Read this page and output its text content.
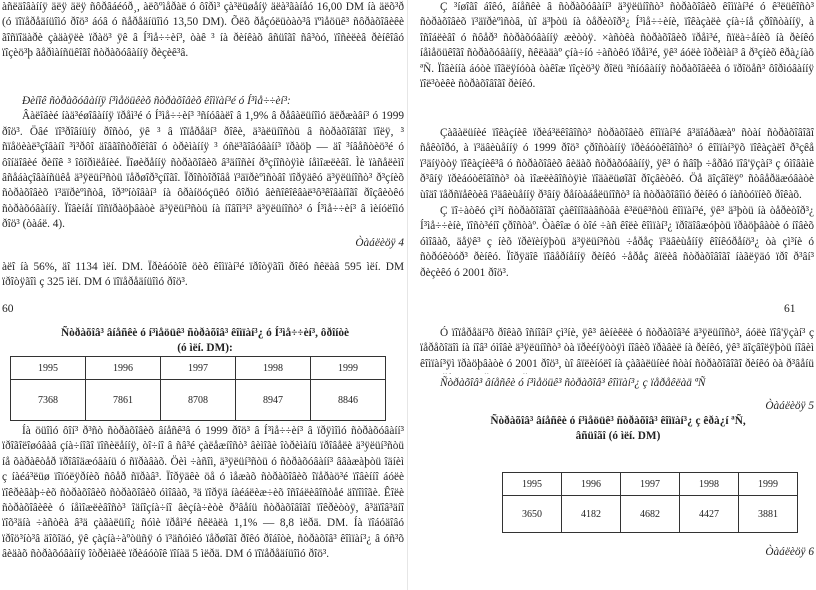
àñëäîâàííÿ äëÿ äëÿ ñôðâáéóð¸, àëõºìåðàë ó ôîðì³ çà³ëüøåíÿ äëà³ãàíåó 16,00 DM íà äëõ³ð (ó ïîïåðåäíüîìó ðîö³ áóâ ó ñåðåäíüîìó 13,50 DM). Õëõ ðåçóëüòàò³â ïºìåöüê³ ñôðàõîâèêè ãîñïîäàðè çàäàÿëè ïðàö³ ÿê â Í³ìå÷÷èí³, òàê ³ íà ðèíêàõ âñüîãî ñâ³òó, ïîñèëèâ ðèíêîâó ïîçèö³þ ãåðìàíñüêîãî ñòðàõóâàííÿ ðèçèê³â.

Ðèíîê ñòðàõóâàííÿ í³ìåöüêèõ ñòðàõîâèõ êîìïàí³é ó Í³ìå÷÷èí³:

Âàëîâèé íàä³éøîâàííÿ ïðåì³é ó Í³ìå÷÷èí³ ³ñíóâàëî â 1,9% â ðåâàëüíîìó äëðæàâí³ ó 1999 ðîö³. Öâé ïî³ðîâíüíÿ ðîñòó, ÿê ³ â ïîïåðåäí³ ðîêè, ä³àëüíîñòü â ñòðàõîâîãî ïîëÿ, ³ ñïåöèàë³çîâàíî ³ì³ðôî äîâãîñòðîêîâî ó òðèìàííÿ ³ óñë³ãîâóâàíí³ ïðàöþ — äî ³íâåñòèö³é ó ôîíäîâèé ðèíîê ³ îôîðìëåíèé. Ïîøèðåííÿ ñòðàõîâèõ â³äíîñèí ð³çíîñòÿìè íåìîæëèâî. Ìè ïàñåëèìî âñåáàçîâàíñüêå ä³ÿëüí³ñòü ïåðøîð³çíîãî. Ïðîñòîðîâå ï³äïðèºìñòâî ïîðÿäêó ä³ÿëüíîñò³ ð³çíèõ ñòðàõîâèõ ï³äïðèºìñòâ, îð³ºíòîâàí³ íà ôðàíöóçüêó ôîðìó âèñîêîêâàë³ô³êîâàíîãî ðîçâèòêó ñòðàõóâàííÿ. Ïîâèíåí ïîñïðàöþâàòè ä³ÿëüí³ñòü íà íîâîì³í³ ä³ÿëüíîñò³ ó Í³ìå÷÷èí³ â ìèíóëîìó ðîö³ (òàáë. 4).

Òàáëèöÿ 4

àëî íà 56%, äî 1134 ìëí. DM. Ïðèáóòîê öèõ êîìïàí³é ïðîòÿãîì ðîêó ñêëàâ 595 ìëí. DM ïðîòÿãîì ç 325 ìëí. DM ó ïîïåðåäíüîìó ðîö³.

60

Ñòðàõîâ³ âíåñêè ó í³ìåöüê³ ñòðàõîâ³ êîìïàí³¿ ó Í³ìå÷÷èí³, ôðîíòè (ó ìëí. DM):

1995	1996	1997	1998	1999
7368	7861	8708	8947	8846

Íà öüîìó ôîí³ ð³ñò ñòðàõîâèõ âíåñê³â ó 1999 ðîö³ â Í³ìå÷÷èí³ â ïðÿìîìó ñòðàõóâàíí³ ïðîãîëîøóâàâ çíà÷íîãî ïîñèëåííÿ, òî÷íî â ñâ³é çàëåæíîñò³ âèìîãè îòðèìàíü ïðîâåëè ä³ÿëüí³ñòü íå õàðàêòåð ïðîâîäæóâàíü ó ñïðàâàõ. Öèì ÷àñîì, ä³ÿëüí³ñòü ó ñòðàõóâàíí³ ââàæàþòü îäíèì ç íàéá³ëüø ïîïóëÿðíèõ ñôåð ñïðàâ³. Ïîðÿäêè öå ó ìåæàõ ñòðàõîâèõ îïåðàö³é ïîâèííî áóëè ïîêðèâàþ÷èõ ñòðàõîâèõ ñòðàõîâèõ óìîâàõ, ³ä ïîðÿä íàéáëèæ÷èõ îñîáëèâîñòåé äîïîìîãè. Êîëè ñòðàõîâèêè ó íåìîæëèâîñò³ îäíîçíà÷íî âèçíà÷èòè ð³âåíü ñòðàõîâîãî ïîêðèòòÿ, â³äïîâ³äíî ïîõ³äíà ÷àñòêà â³ä çàãàëüíî¿ ñóìè ïðåì³é ñêëàëà 1,1% — 8,8 ìëðä. DM. Íà ïîáóäîâó ïðîö³íò³â äîõîäó, ÿê çàçíà÷àºòüñÿ ó ï³äñóìêó ïåðøîãî ðîêó ðîáîòè, ñòðàõîâ³ êîìïàí³¿ â óñ³õ âèäàõ ñòðàõóâàííÿ îòðèìàëè ïðèáóòîê ïîíàä 5 ìëðä. DM ó ïîïåðåäíüîìó ðîö³.

Ç ³íøîãî áîêó, âíåñêè â ñòðàõóâàíí³ ä³ÿëüíîñò³ ñòðàõîâèõ êîìïàí³é ó ê³ëüêîñò³ ñòðàõîâèõ ï³äïðèºìñòâ, ùî ä³þòü íà òåðèòîð³¿ Í³ìå÷÷èíè, ïîêàçàëè çíà÷íå çðîñòàííÿ, à îñîáëèâî ó ñôåð³ ñòðàõóâàííÿ æèòòÿ. ×àñòêà ñòðàõîâèõ ïðåì³é, ñïëà÷åíèõ íà ðèíêó íåìåöüêîãî ñòðàõóâàííÿ, ñêëàäàº çíà÷íó ÷àñòêó ïðåì³é, ÿê³ áóëè îòðèìàí³ â ð³çíèõ êðà¿íàõ ªÑ. Ïîâèííà áóòè ïîãëÿíóòà òàêîæ ïîçèö³ÿ ðîëü ³ñíóâàííÿ ñòðàõîâèêà ó ïðîöåñ³ ôîðìóâàííÿ ïîë³òèêè ñòðàõîâîãî ðèíêó.

Çàãàëüíèé ïîêàçíèê ïðèá³ëêîâîñò³ ñòðàõîâèõ êîìïàí³é â³äîáðàæàº ñòàí ñòðàõîâîãî ñåêòîðó, à ï³äâèùåííÿ ó 1999 ðîö³ çðîñòàííÿ ïðèáóòêîâîñò³ ó êîìïàí³ÿõ ïîêàçàëî ð³çêå ï³äíÿòòÿ ïîêàçíèê³â ó ñòðàõîâèõ âèäàõ ñòðàõóâàííÿ, ÿê³ ó ñâîþ ÷åðãó ïîâ'ÿçàí³ ç óìîâàìè ð³âíÿ ïðèáóòêîâîñò³ òà ìîæëèâîñòÿìè ïîäàëüøîãî ðîçâèòêó. Öå äîçâîëÿº ñòâåðäæóâàòè ùîäî ïåðñïåêòèâ ï³äâèùåííÿ ð³âíÿ ðåíòàáåëüíîñò³ íà ñòðàõîâîìó ðèíêó ó íàñòóïíèõ ðîêàõ.

Ç ïî÷àòêó çì³í ñòðàõîâîãî çàêîíîäàâñòâà ê³ëüê³ñòü êîìïàí³é, ÿê³ ä³þòü íà òåðèòîð³¿ Í³ìå÷÷èíè, ïîñò³éíî çðîñòàº. Òàêîæ ó òîé ÷àñ êîëè êîìïàí³¿ ïðîäîâæóþòü ïðàöþâàòè ó íîâèõ óìîâàõ, äåÿê³ ç íèõ ïðèïèíÿþòü ä³ÿëüí³ñòü ÷åðåç ï³äâèùåííÿ êîíêóðåíö³¿ òà çì³íè ó ñòðóêòóð³ ðèíêó. Ïîðÿäîê ïîâåðíåííÿ ðèíêó ÷åðåç âïëèâ ñòðàõîâîãî íàãëÿäó ïðî ð³âí³ ðèçèêó ó 2001 ðîö³.

61

Ó ïîïåðåäí³õ ðîêàõ îñíîâí³ çì³íè, ÿê³ âèíèêëè ó ñòðàõîâ³é ä³ÿëüíîñò³, áóëè ïîâ'ÿçàí³ ç ïåðåõîäîì íà íîâ³ óìîâè ä³ÿëüíîñò³ òà ïðèéíÿòòÿì íîâèõ ïðàâèë íà ðèíêó, ÿê³ äîçâîëÿþòü íîâèì êîìïàí³ÿì ïðàöþâàòè ó 2001 ðîö³, ùî âïëèíóëî íà çàãàëüíèé ñòàí ñòðàõîâîãî ðèíêó òà ð³âåíü

Ñòðàõîâ³ âíåñêè ó í³ìåöüê³ ñòðàõîâ³ êîìïàí³¿ ç ïåðåêëàä ªÑ

Òàáëèöÿ 5

Ñòðàõîâ³ âíåñêè ó í³ìåöüê³ ñòðàõîâ³ êîìïàí³¿ ç êðà¿í ªÑ, âñüîãî (ó ìëí. DM)

1995	1996	1997	1998	1999
3650	4182	4682	4427	3881

Òàáëèöÿ 6
